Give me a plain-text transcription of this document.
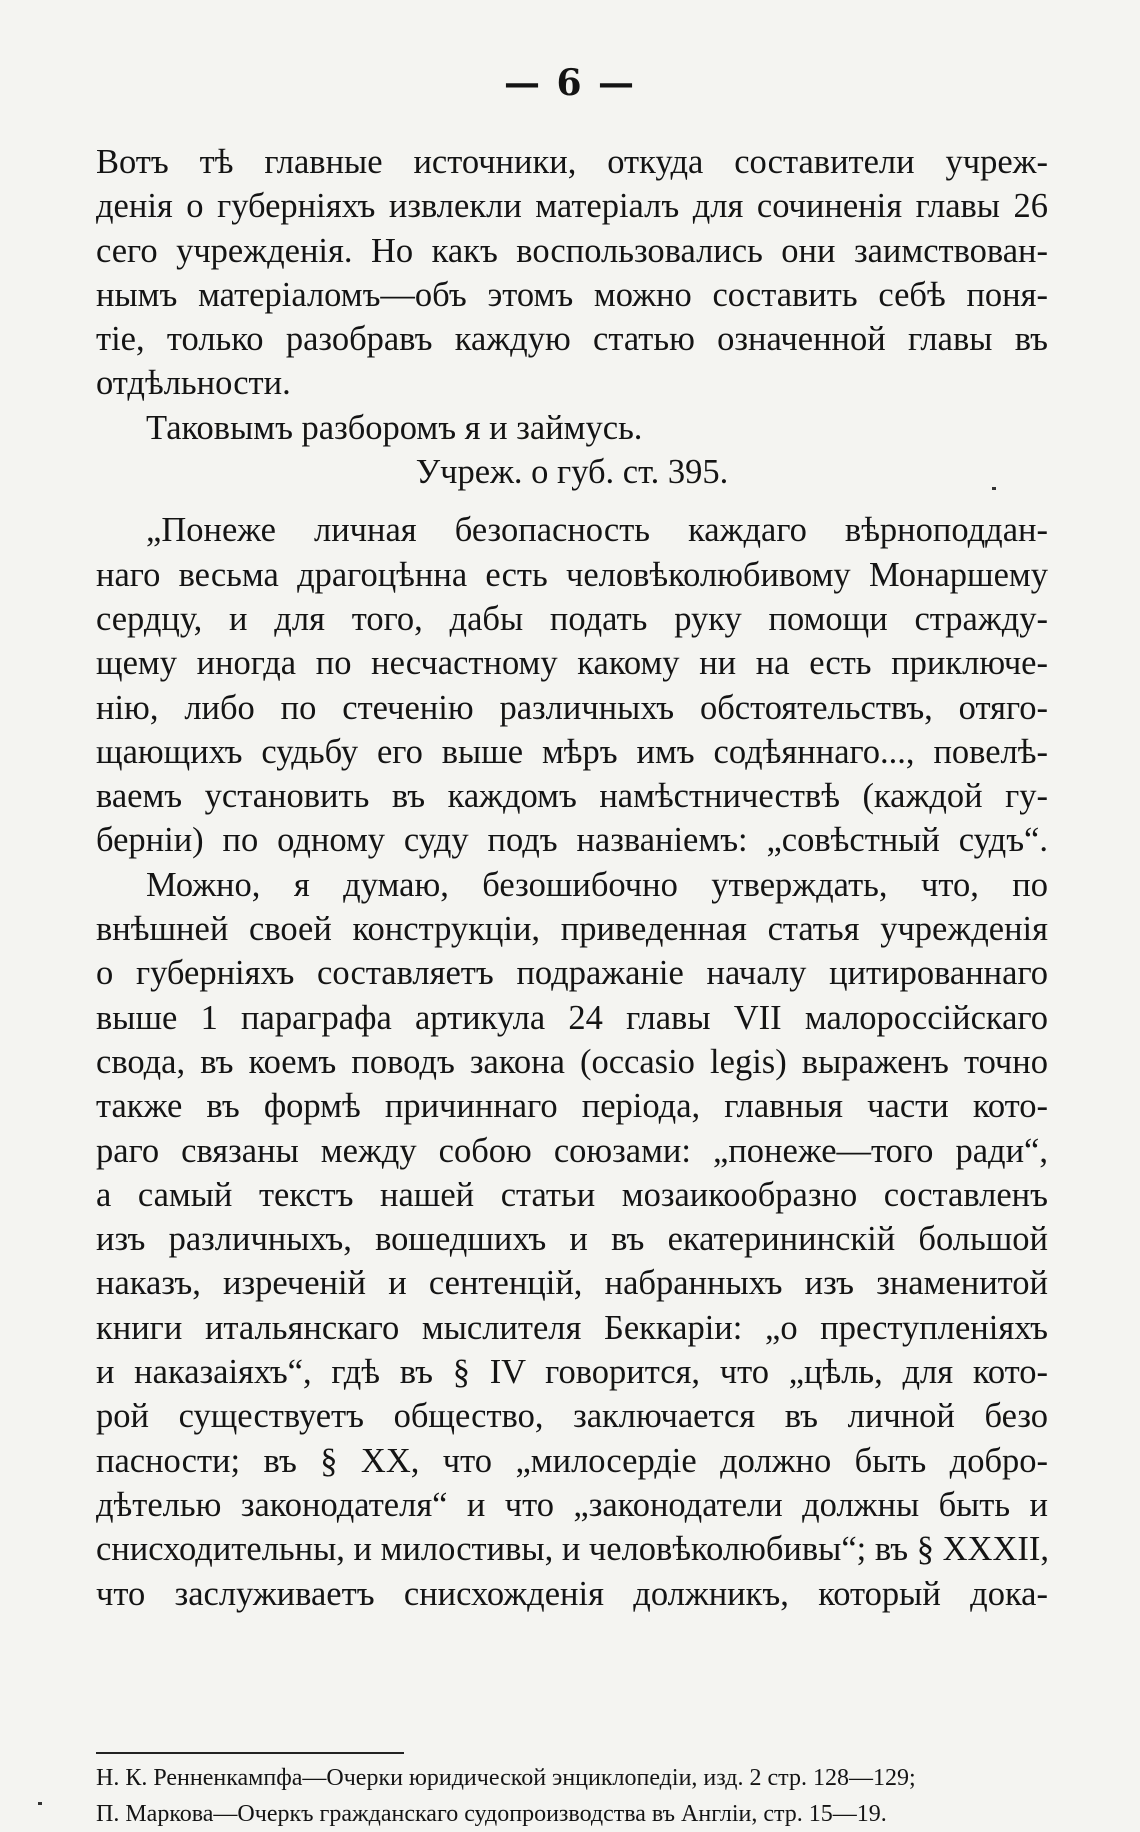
— 6 —
Вотъ тѣ главные источники, откуда составители учреж-
денія о губерніяхъ извлекли матеріалъ для сочиненія главы 26
сего учрежденія. Но какъ воспользовались они заимствован-
нымъ матеріаломъ—объ этомъ можно составить себѣ поня-
тіе, только разобравъ каждую статью означенной главы въ
отдѣльности.
Таковымъ разборомъ я и займусь.
Учреж. о губ. ст. 395.
„Понеже личная безопасность каждаго вѣрноподдан-
наго весьма драгоцѣнна есть человѣколюбивому Монаршему
сердцу, и для того, дабы подать руку помощи стражду-
щему иногда по несчастному какому ни на есть приключе-
нію, либо по стеченію различныхъ обстоятельствъ, отяго-
щающихъ судьбу его выше мѣръ имъ содѣяннаго..., повелѣ-
ваемъ установить въ каждомъ намѣстничествѣ (каждой гу-
берніи) по одному суду подъ названіемъ: „совѣстный судъ“.
Можно, я думаю, безошибочно утверждать, что, по
внѣшней своей конструкціи, приведенная статья учрежденія
о губерніяхъ составляетъ подражаніе началу цитированнаго
выше 1 параграфа артикула 24 главы VII малороссійскаго
свода, въ коемъ поводъ закона (occasio legis) выраженъ точно
также въ формѣ причиннаго періода, главныя части кото-
раго связаны между собою союзами: „понеже—того ради“,
а самый текстъ нашей статьи мозаикообразно составленъ
изъ различныхъ, вошедшихъ и въ екатерининскій большой
наказъ, изреченій и сентенцій, набранныхъ изъ знаменитой
книги итальянскаго мыслителя Беккаріи: „о преступленіяхъ
и наказаіяхъ“, гдѣ въ § IV говорится, что „цѣль, для кото-
рой существуетъ общество, заключается въ личной безо
пасности; въ § XX, что „милосердіе должно быть добро-
дѣтелью законодателя“ и что „законодатели должны быть и
снисходительны, и милостивы, и человѣколюбивы“; въ § XXXII,
что заслуживаетъ снисхожденія должникъ, который дока-
Н. К. Ренненкампфа—Очерки юридической энциклопедіи, изд. 2 стр. 128—129;
П. Маркова—Очеркъ гражданскаго судопроизводства въ Англіи, стр. 15—19.
